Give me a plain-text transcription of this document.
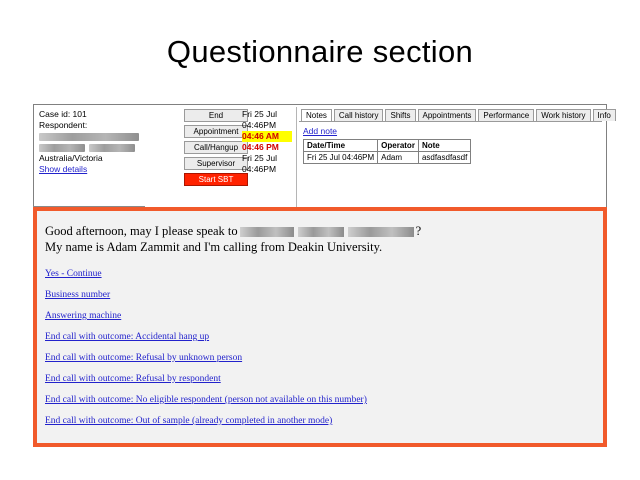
Questionnaire section
Case id: 101
Respondent:
Australia/Victoria
Show details
End
Appointment
Call/Hangup
Supervisor
Start SBT
Fri 25 Jul
04:46PM
04:46 AM
04:46 PM
Fri 25 Jul
04:46PM
Notes	Call history	Shifts	Appointments	Performance	Work history	Info
Add note
Date/Time	Operator	Note
Fri 25 Jul 04:46PM	Adam	asdfasdfasdf
Good afternoon, may I please speak to	?
My name is Adam Zammit and I'm calling from Deakin University.
Yes - Continue
Business number
Answering machine
End call with outcome: Accidental hang up
End call with outcome: Refusal by unknown person
End call with outcome: Refusal by respondent
End call with outcome: No eligible respondent (person not available on this number)
End call with outcome: Out of sample (already completed in another mode)
